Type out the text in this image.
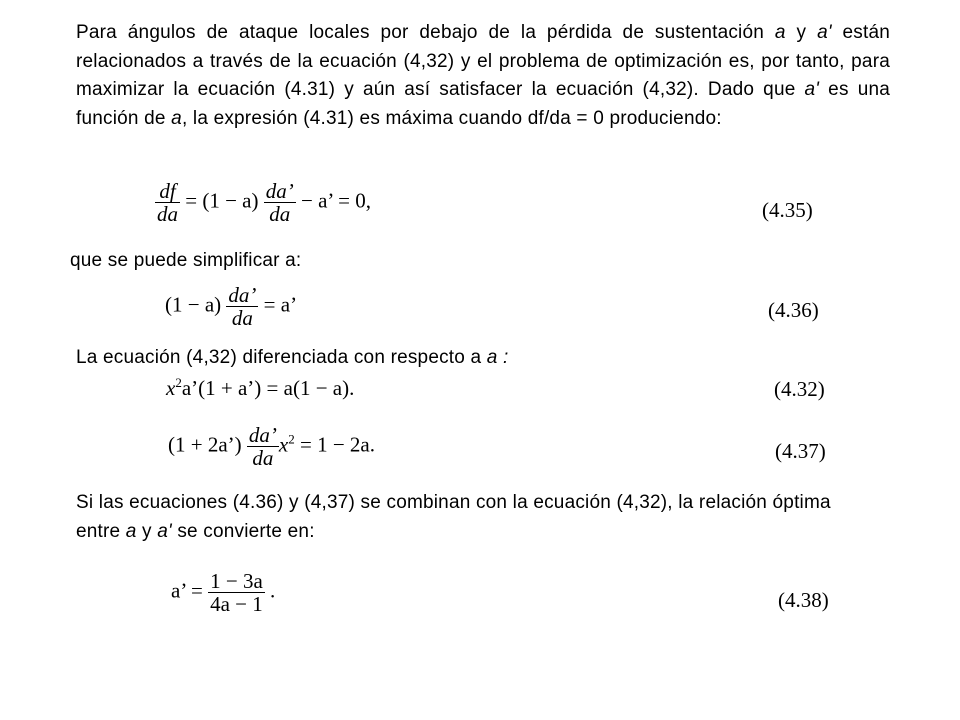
Para ángulos de ataque locales por debajo de la pérdida de sustentación a y a' están relacionados a través de la ecuación (4,32) y el problema de optimización es, por tanto, para maximizar la ecuación (4.31) y aún así satisfacer la ecuación (4,32). Dado que a' es una función de a, la expresión (4.31) es máxima cuando df/da = 0 produciendo:
$\frac{df}{da} = (1 - a) \frac{da’}{da} - a$’ = 0,	(4.35)
que se puede simplificar a:
$(1 - a) \frac{da’}{da} = a$’	(4.36)
La ecuación (4,32) diferenciada con respecto a a :
$x^2a’(1$ + a’) = a(1 − a).	(4.32)
(1 + 2a’) $\frac{da’}{da} x^2 = 1 - 2a$.	(4.37)
Si las ecuaciones (4.36) y (4,37) se combinan con la ecuación (4,32), la relación óptima entre a y a' se convierte en:
a’ = $\frac{1 - 3a}{4a - 1}$ .	(4.38)
